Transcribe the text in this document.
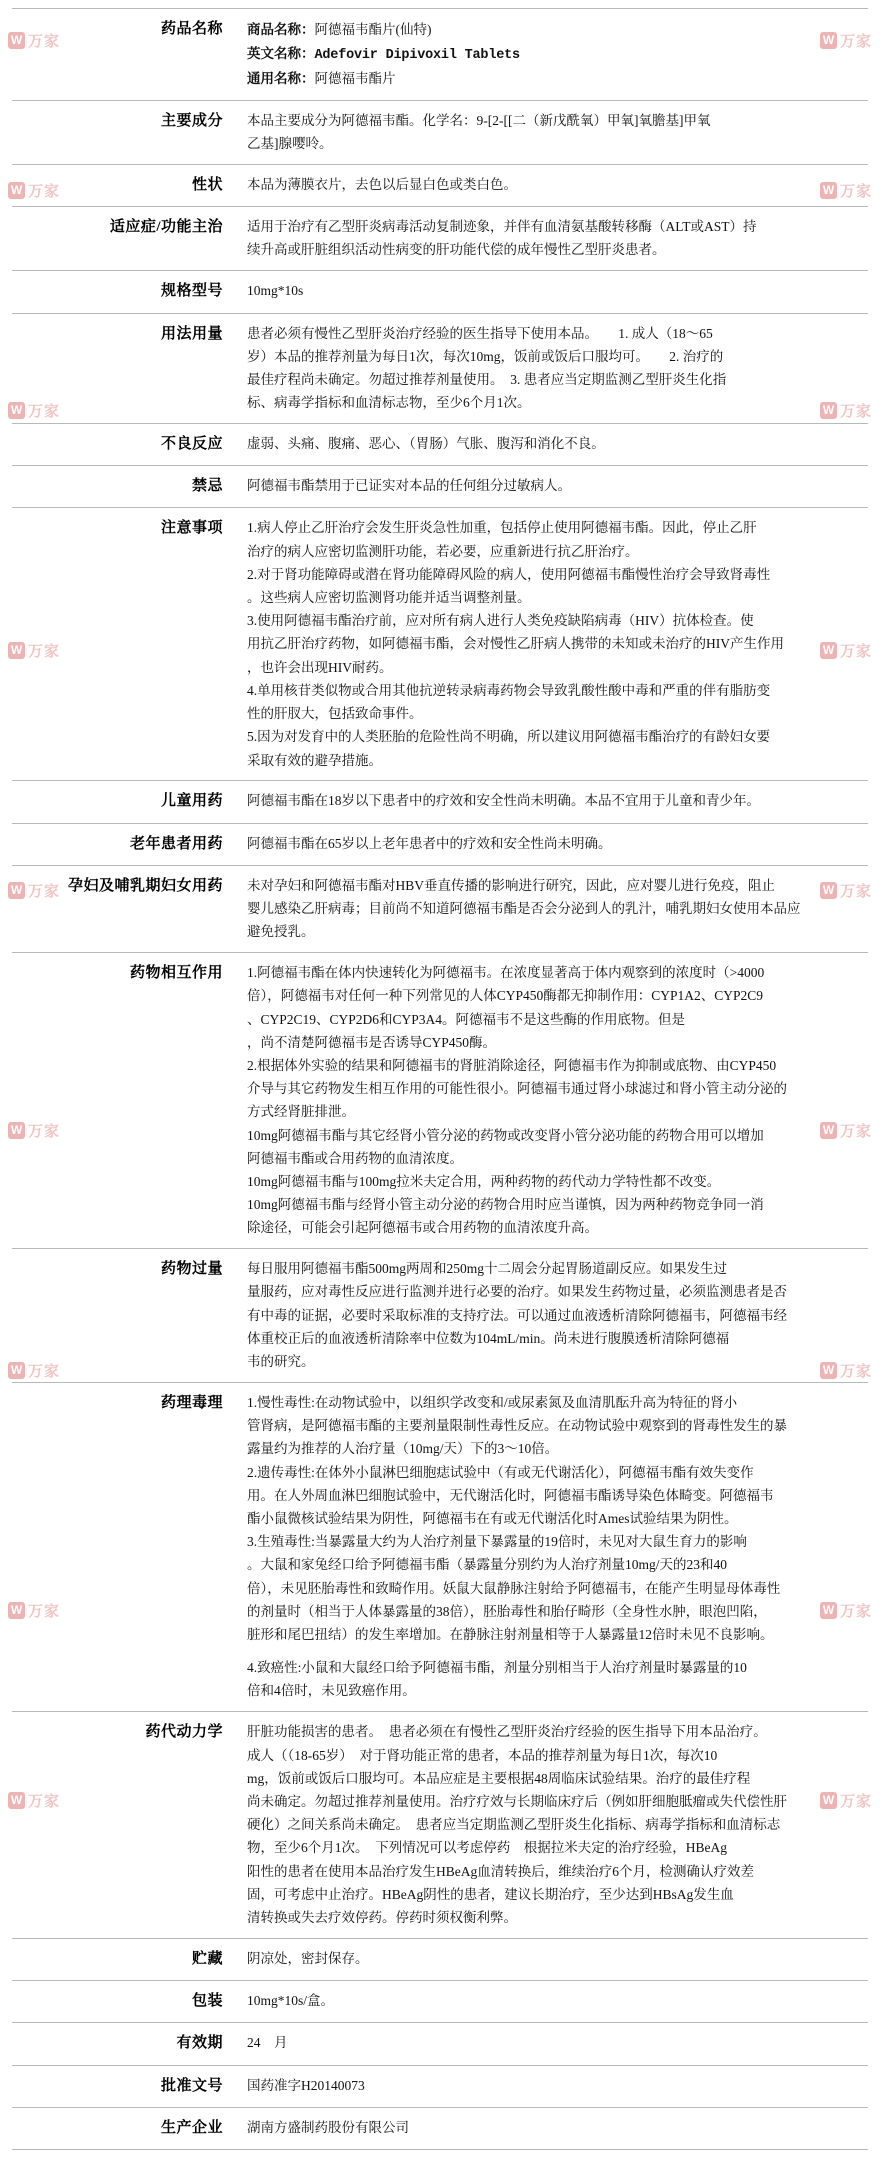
W 万家
W 万家
W 万家
W 万家
W 万家
W 万家
W 万家
W 万家
W 万家
W 万家
W 万家
W 万家
W 万家
W 万家
W 万家
W 万家
W 万家
W 万家
药品名称	商品名称：阿德福韦酯片(仙特)
英文名称：Adefovir Dipivoxil Tablets
通用名称：阿德福韦酯片

主要成分	本品主要成分为阿德福韦酯。化学名：9-[2-[[二（新戊酰氧）甲氧]氧膽基]甲氧
乙基]腺嘤呤。

性状	本品为薄膜衣片，去色以后显白色或类白色。

适应症/功能主治	适用于治疗有乙型肝炎病毒活动复制迹象，并伴有血清氨基酸转移酶（ALT或AST）持
续升高或肝脏组织活动性病变的肝功能代偿的成年慢性乙型肝炎患者。

规格型号	10mg*10s

用法用量	患者必须有慢性乙型肝炎治疗经验的医生指导下使用本品。　　1. 成人（18～65
岁）本品的推荐剂量为每日1次，每次10mg，饭前或饭后口服均可。　　2. 治疗的
最佳疗程尚未确定。勿超过推荐剂量使用。　3. 患者应当定期监测乙型肝炎生化指
标、病毒学指标和血清标志物，至少6个月1次。

不良反应	虚弱、头痛、腹痛、恶心、（胃肠）气胀、腹泻和消化不良。

禁忌	阿德福韦酯禁用于已证实对本品的任何组分过敏病人。

注意事项	1.病人停止乙肝治疗会发生肝炎急性加重，包括停止使用阿德福韦酯。因此，停止乙肝
治疗的病人应密切监测肝功能，若必要，应重新进行抗乙肝治疗。
2.对于肾功能障碍或潜在肾功能障碍风险的病人，使用阿德福韦酯慢性治疗会导致肾毒性
。这些病人应密切监测肾功能并适当调整剂量。
3.使用阿德福韦酯治疗前，应对所有病人进行人类免疫缺陷病毒（HIV）抗体检查。使
用抗乙肝治疗药物，如阿德福韦酯，会对慢性乙肝病人携带的未知或未治疗的HIV产生作用
，也许会出现HIV耐药。
4.单用核苷类似物或合用其他抗逆转录病毒药物会导致乳酸性酸中毒和严重的伴有脂肪变
性的肝肞大，包括致命事件。
5.因为对发育中的人类胚胎的危险性尚不明确，所以建议用阿德福韦酯治疗的有龄妇女要
采取有效的避孕措施。

儿童用药	阿德福韦酯在18岁以下患者中的疗效和安全性尚未明确。本品不宜用于儿童和青少年。

老年患者用药	阿德福韦酯在65岁以上老年患者中的疗效和安全性尚未明确。

孕妇及哺乳期妇女用药	未对孕妇和阿德福韦酯对HBV垂直传播的影响进行研究，因此，应对婴儿进行免疫，阻止
婴儿感染乙肝病毒；目前尚不知道阿德福韦酯是否会分泌到人的乳汁，哺乳期妇女使用本品应
避免授乳。

药物相互作用	1.阿德福韦酯在体内快速转化为阿德福韦。在浓度显著高于体内观察到的浓度时（>4000
倍），阿德福韦对任何一种下列常见的人体CYP450酶都无抑制作用：CYP1A2、CYP2C9
、CYP2C19、CYP2D6和CYP3A4。阿德福韦不是这些酶的作用底物。但是
，尚不清楚阿德福韦是否诱导CYP450酶。
2.根据体外实验的结果和阿德福韦的肾脏消除途径，阿德福韦作为抑制或底物、由CYP450
介导与其它药物发生相互作用的可能性很小。阿德福韦通过肾小球滤过和肾小管主动分泌的
方式经肾脏排泄。
10mg阿德福韦酯与其它经肾小管分泌的药物或改变肾小管分泌功能的药物合用可以增加
阿德福韦酯或合用药物的血清浓度。
10mg阿德福韦酯与100mg拉米夫定合用，两种药物的药代动力学特性都不改变。
10mg阿德福韦酯与经肾小管主动分泌的药物合用时应当谨慎，因为两种药物竞争同一消
除途径，可能会引起阿德福韦或合用药物的血清浓度升高。

药物过量	每日服用阿德福韦酯500mg两周和250mg十二周会分起胃肠道副反应。如果发生过
量服药，应对毒性反应进行监测并进行必要的治疗。如果发生药物过量，必须监测患者是否
有中毒的证据，必要时采取标准的支持疗法。可以通过血液透析清除阿德福韦，阿德福韦经
体重校正后的血液透析清除率中位数为104mL/min。尚未进行腹膜透析清除阿德福
韦的研究。

药理毒理	1.慢性毒性:在动物试验中，以组织学改变和/或尿素氮及血清肌酝升高为特征的肾小
管肾病，是阿德福韦酯的主要剂量限制性毒性反应。在动物试验中观察到的肾毒性发生的暴
露量约为推荐的人治疗量（10mg/天）下的3～10倍。
2.遗传毒性:在体外小鼠淋巴细胞痣试验中（有或无代谢活化），阿德福韦酯有效失变作
用。在人外周血淋巴细胞试验中，无代谢活化时，阿德福韦酯诱导染色体畸变。阿德福韦
酯小鼠微核试验结果为阴性，阿德福韦在有或无代谢活化时Ames试验结果为阴性。
3.生殖毒性:当暴露量大约为人治疗剂量下暴露量的19倍时，未见对大鼠生育力的影响
。大鼠和家兔经口给予阿德福韦酯（暴露量分别约为人治疗剂量10mg/天的23和40
倍），未见胚胎毒性和致畸作用。妖鼠大鼠静脉注射给予阿德福韦，在能产生明显母体毒性
的剂量时（相当于人体暴露量的38倍），胚胎毒性和胎仔畸形（全身性水肿，眼泡凹陷，
脏形和尾巴扭结）的发生率增加。在静脉注射剂量相等于人暴露量12倍时未见不良影响。
4.致癌性:小鼠和大鼠经口给予阿德福韦酯，剂量分别相当于人治疗剂量时暴露量的10
倍和4倍时，未见致癌作用。

药代动力学	肝脏功能损害的患者。　患者必须在有慢性乙型肝炎治疗经验的医生指导下用本品治疗。
成人（（18-65岁）　对于肾功能正常的患者，本品的推荐剂量为每日1次，每次10
mg，饭前或饭后口服均可。本品应症是主要根据48周临床试验结果。治疗的最佳疗程
尚未确定。勿超过推荐剂量使用。治疗疗效与长期临床疗后（例如肝细胞胝瘤或失代偿性肝
硬化）之间关系尚未确定。　患者应当定期监测乙型肝炎生化指标、病毒学指标和血清标志
物，至少6个月1次。　下列情况可以考虑停药　根据拉米夫定的治疗经验，HBeAg
阳性的患者在使用本品治疗发生HBeAg血清转换后，维续治疗6个月，检测确认疗效差
固，可考虑中止治疗。HBeAg阴性的患者，建议长期治疗，至少达到HBsAg发生血
清转换或失去疗效停药。停药时须权衡利弊。

贮藏	阴凉处，密封保存。

包装	10mg*10s/盒。

有效期	24　月

批准文号	国药准字H20140073

生产企业	湖南方盛制药股份有限公司
